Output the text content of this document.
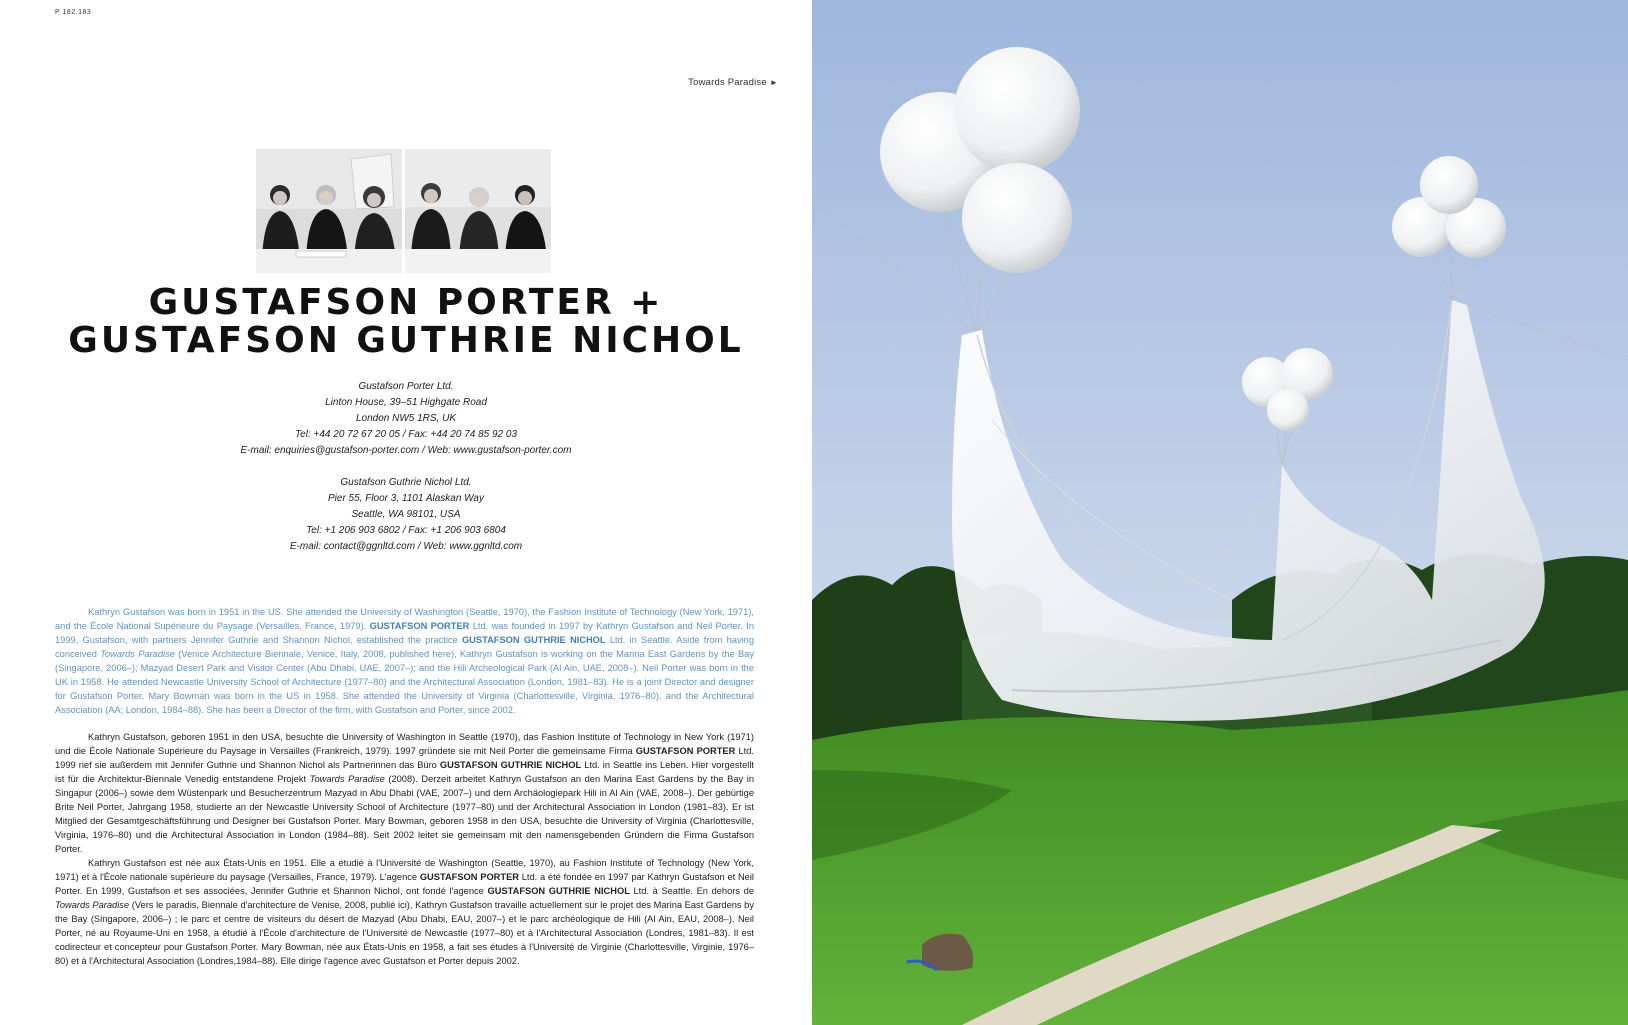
P 182.183
Towards Paradise ►
GUSTAFSON PORTER +
GUSTAFSON GUTHRIE NICHOL
Gustafson Porter Ltd.
Linton House, 39–51 Highgate Road
London NW5 1RS, UK
Tel: +44 20 72 67 20 05 / Fax: +44 20 74 85 92 03
E-mail: enquiries@gustafson-porter.com / Web: www.gustafson-porter.com
Gustafson Guthrie Nichol Ltd.
Pier 55, Floor 3, 1101 Alaskan Way
Seattle, WA 98101, USA
Tel: +1 206 903 6802 / Fax: +1 206 903 6804
E-mail: contact@ggnltd.com / Web: www.ggnltd.com

Kathryn Gustafson was born in 1951 in the US. She attended the University of Washington (Seattle, 1970), the Fashion Institute of Technology (New York, 1971), and the École National Supérieure du Paysage (Versailles, France, 1979). GUSTAFSON PORTER Ltd. was founded in 1997 by Kathryn Gustafson and Neil Porter. In 1999, Gustafson, with partners Jennifer Guthrie and Shannon Nichol, established the practice GUSTAFSON GUTHRIE NICHOL Ltd. in Seattle. Aside from having conceived Towards Paradise (Venice Architecture Biennale, Venice, Italy, 2008, published here), Kathryn Gustafson is working on the Marina East Gardens by the Bay (Singapore, 2006–); Mazyad Desert Park and Visitor Center (Abu Dhabi, UAE, 2007–); and the Hili Archeological Park (Al Ain, UAE, 2008–). Neil Porter was born in the UK in 1958. He attended Newcastle University School of Architecture (1977–80) and the Architectural Association (London, 1981–83). He is a joint Director and designer for Gustafson Porter. Mary Bowman was born in the US in 1958. She attended the University of Virginia (Charlottesville, Virginia, 1976–80), and the Architectural Association (AA; London, 1984–88). She has been a Director of the firm, with Gustafson and Porter, since 2002.

Kathryn Gustafson, geboren 1951 in den USA, besuchte die University of Washington in Seattle (1970), das Fashion Institute of Technology in New York (1971) und die École Nationale Supérieure du Paysage in Versailles (Frankreich, 1979). 1997 gründete sie mit Neil Porter die gemeinsame Firma GUSTAFSON PORTER Ltd. 1999 rief sie außerdem mit Jennifer Guthrie und Shannon Nichol als Partnerinnen das Büro GUSTAFSON GUTHRIE NICHOL Ltd. in Seattle ins Leben. Hier vorgestellt ist für die Architektur-Biennale Venedig entstandene Projekt Towards Paradise (2008). Derzeit arbeitet Kathryn Gustafson an den Marina East Gardens by the Bay in Singapur (2006–) sowie dem Wüstenpark und Besucherzentrum Mazyad in Abu Dhabi (VAE, 2007–) und dem Archäologiepark Hili in Al Ain (VAE, 2008–). Der gebürtige Brite Neil Porter, Jahrgang 1958, studierte an der Newcastle University School of Architecture (1977–80) und der Architectural Association in London (1981–83). Er ist Mitglied der Gesamtgeschäftsführung und Designer bei Gustafson Porter. Mary Bowman, geboren 1958 in den USA, besuchte die University of Virginia (Charlottesville, Virginia, 1976–80) und die Architectural Association in London (1984–88). Seit 2002 leitet sie gemeinsam mit den namensgebenden Gründern die Firma Gustafson Porter.

Kathryn Gustafson est née aux États-Unis en 1951. Elle a étudié à l'Université de Washington (Seattle, 1970), au Fashion Institute of Technology (New York, 1971) et à l'École nationale supérieure du paysage (Versailles, France, 1979). L'agence GUSTAFSON PORTER Ltd. a été fondée en 1997 par Kathryn Gustafson et Neil Porter. En 1999, Gustafson et ses associées, Jennifer Guthrie et Shannon Nichol, ont fondé l'agence GUSTAFSON GUTHRIE NICHOL Ltd. à Seattle. En dehors de Towards Paradise (Vers le paradis, Biennale d'architecture de Venise, 2008, publié ici), Kathryn Gustafson travaille actuellement sur le projet des Marina East Gardens by the Bay (Singapore, 2006–) ; le parc et centre de visiteurs du désert de Mazyad (Abu Dhabi, EAU, 2007–) et le parc archéologique de Hili (Al Ain, EAU, 2008–). Neil Porter, né au Royaume-Uni en 1958, a étudié à l'École d'architecture de l'Université de Newcastle (1977–80) et à l'Architectural Association (Londres, 1981–83). Il est codirecteur et concepteur pour Gustafson Porter. Mary Bowman, née aux États-Unis en 1958, a fait ses études à l'Université de Virginie (Charlottesville, Virginie, 1976–80) et à l'Architectural Association (Londres,1984–88). Elle dirige l'agence avec Gustafson et Porter depuis 2002.
